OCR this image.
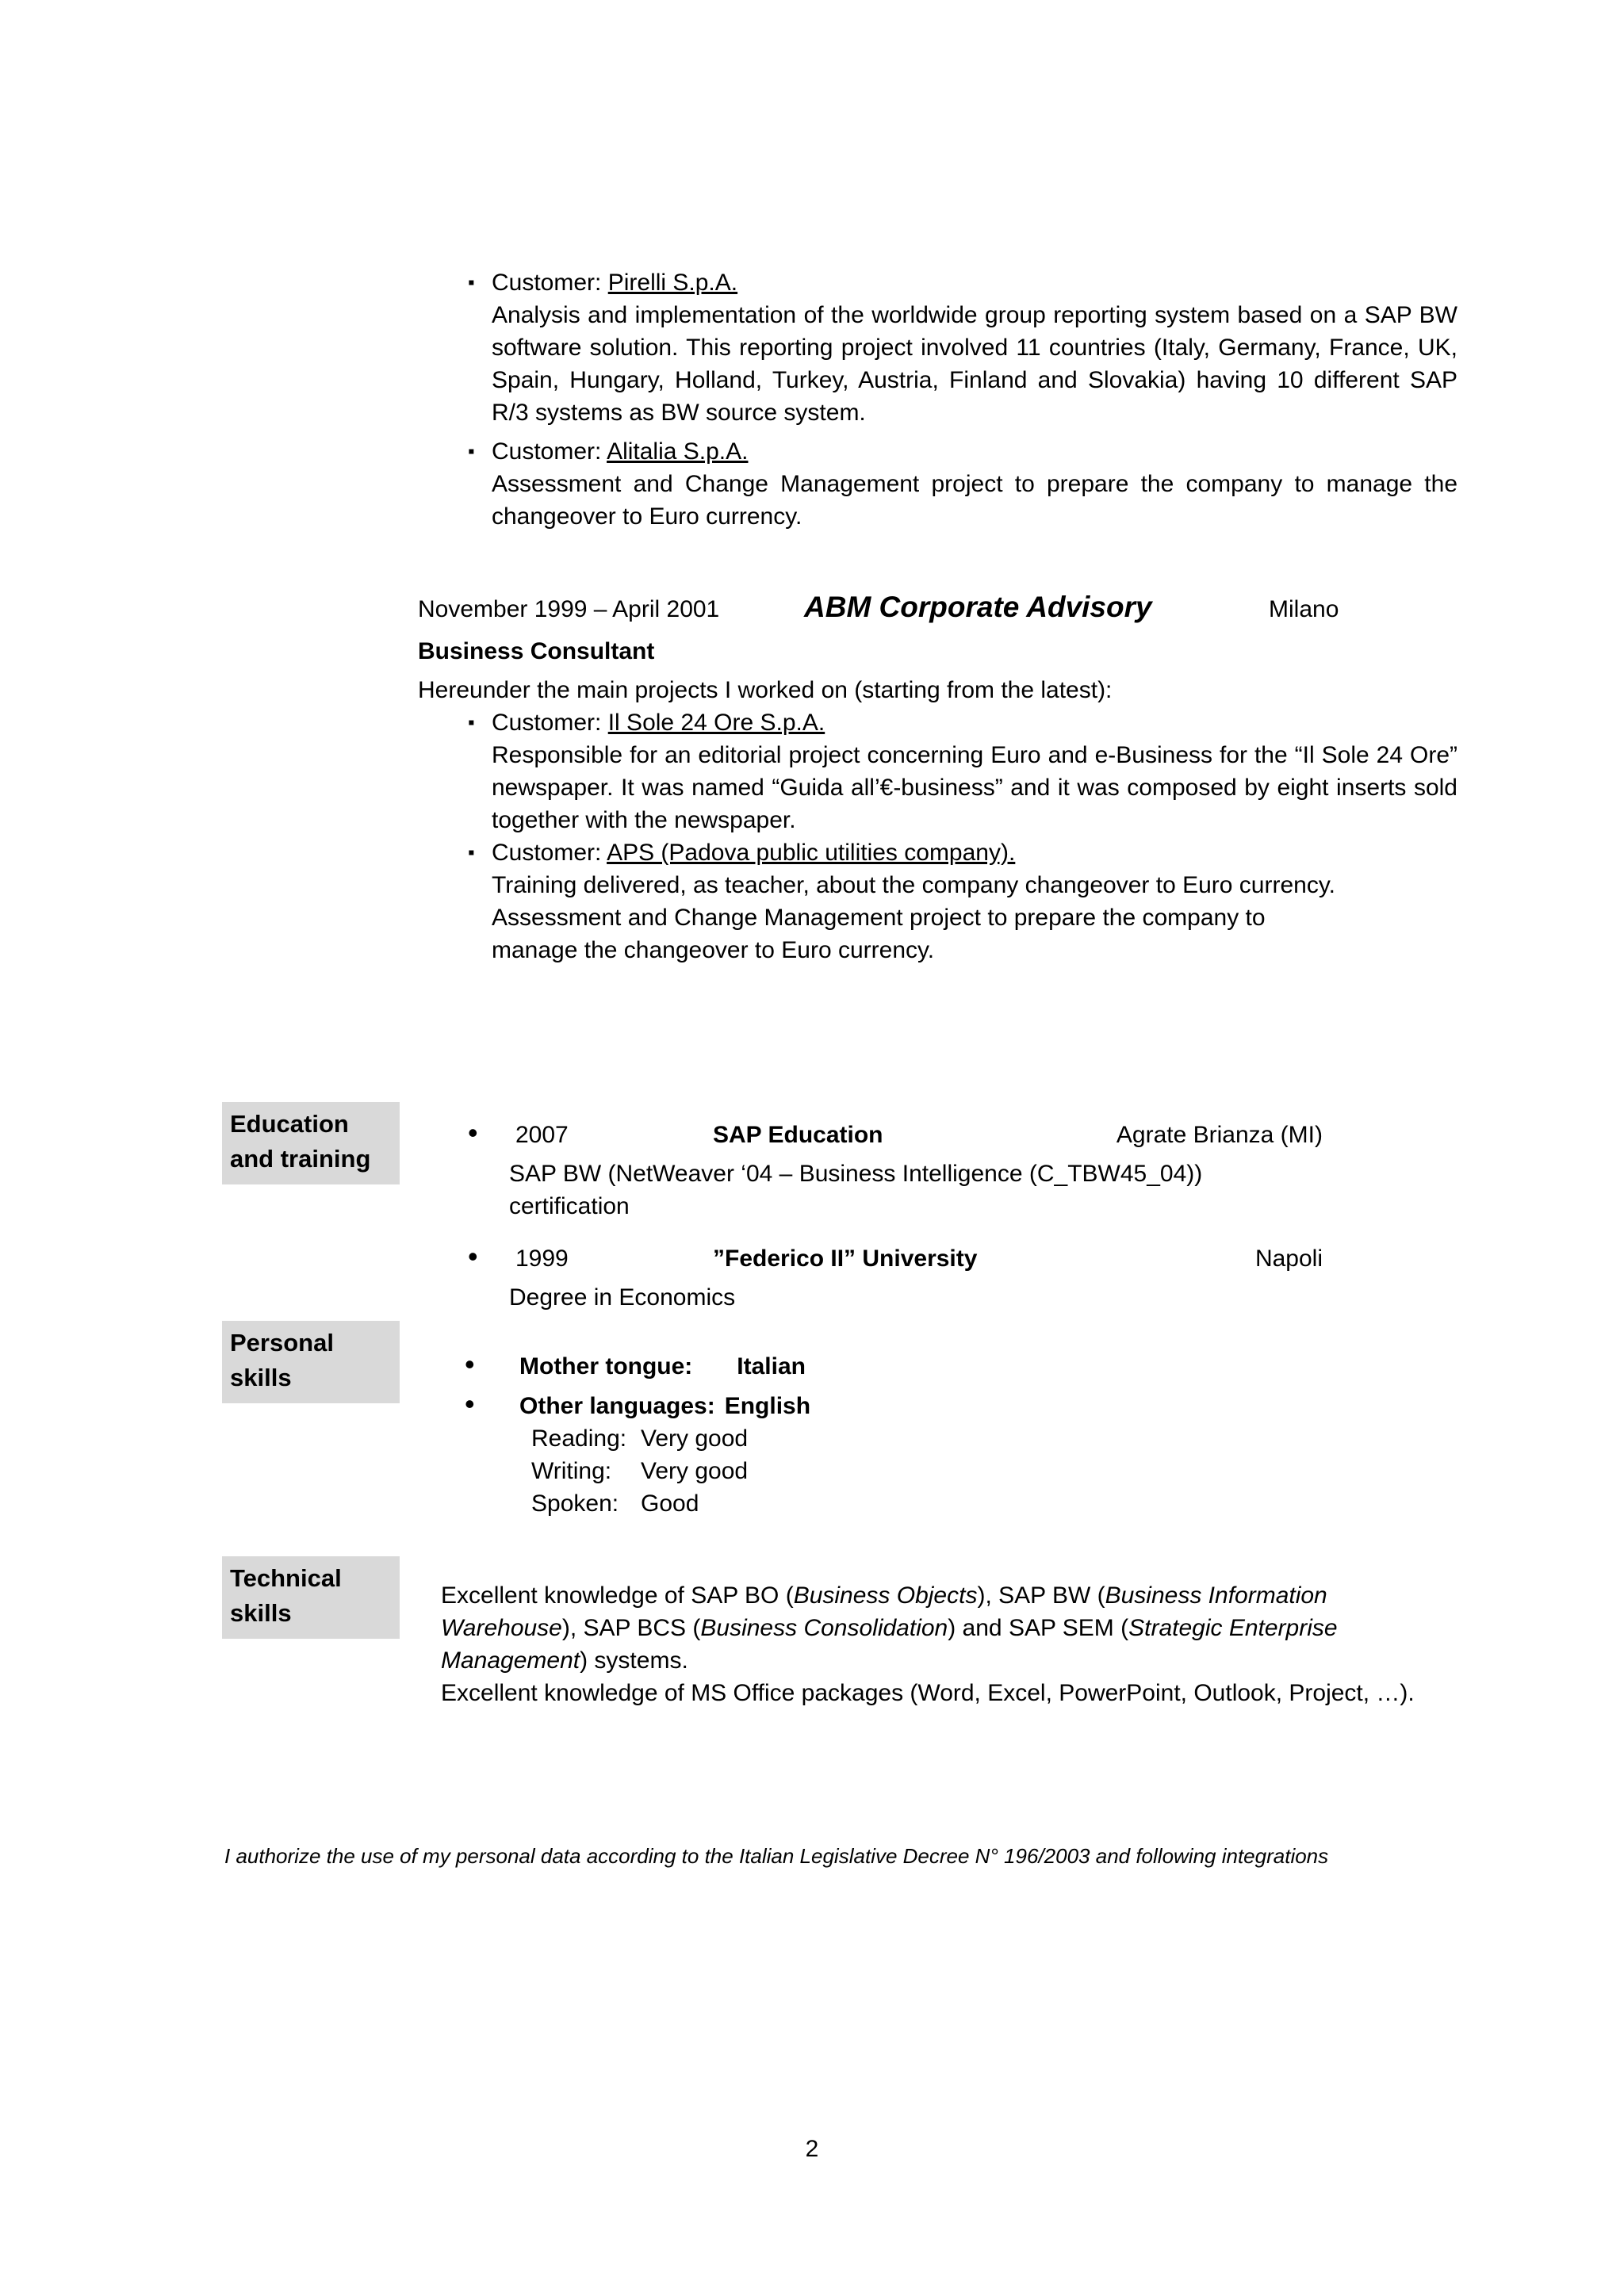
▪ Customer: Pirelli S.p.A.

Analysis and implementation of the worldwide group reporting system based on a SAP BW software solution. This reporting project involved 11 countries (Italy, Germany, France, UK, Spain, Hungary, Holland, Turkey, Austria, Finland and Slovakia) having 10 different SAP R/3 systems as BW source system.

▪ Customer: Alitalia S.p.A.

Assessment and Change Management project to prepare the company to manage the changeover to Euro currency.

November 1999 – April 2001	ABM Corporate Advisory	Milano
Business Consultant

Hereunder the main projects I worked on (starting from the latest):

▪ Customer: Il Sole 24 Ore S.p.A.

Responsible for an editorial project concerning Euro and e-Business for the “Il Sole 24 Ore” newspaper. It was named “Guida all’€-business” and it was composed by eight inserts sold together with the newspaper.

▪ Customer: APS (Padova public utilities company).

Training delivered, as teacher, about the company changeover to Euro currency.

Assessment and Change Management project to prepare the company to manage the changeover to Euro currency.

Education and training
•	2007	SAP Education	Agrate Brianza (MI)
SAP BW (NetWeaver ‘04 – Business Intelligence (C_TBW45_04)) certification
•	1999	”Federico II” University	Napoli
Degree in Economics
Personal skills	• Mother tongue: Italian
• Other languages: English
Reading: Very good
Writing: Very good
Spoken: Good
Technical skills

Excellent knowledge of SAP BO (Business Objects), SAP BW (Business Information Warehouse), SAP BCS (Business Consolidation) and SAP SEM (Strategic Enterprise Management) systems.

Excellent knowledge of MS Office packages (Word, Excel, PowerPoint, Outlook, Project, …).

I authorize the use of my personal data according to the Italian Legislative Decree N° 196/2003 and following integrations
2
